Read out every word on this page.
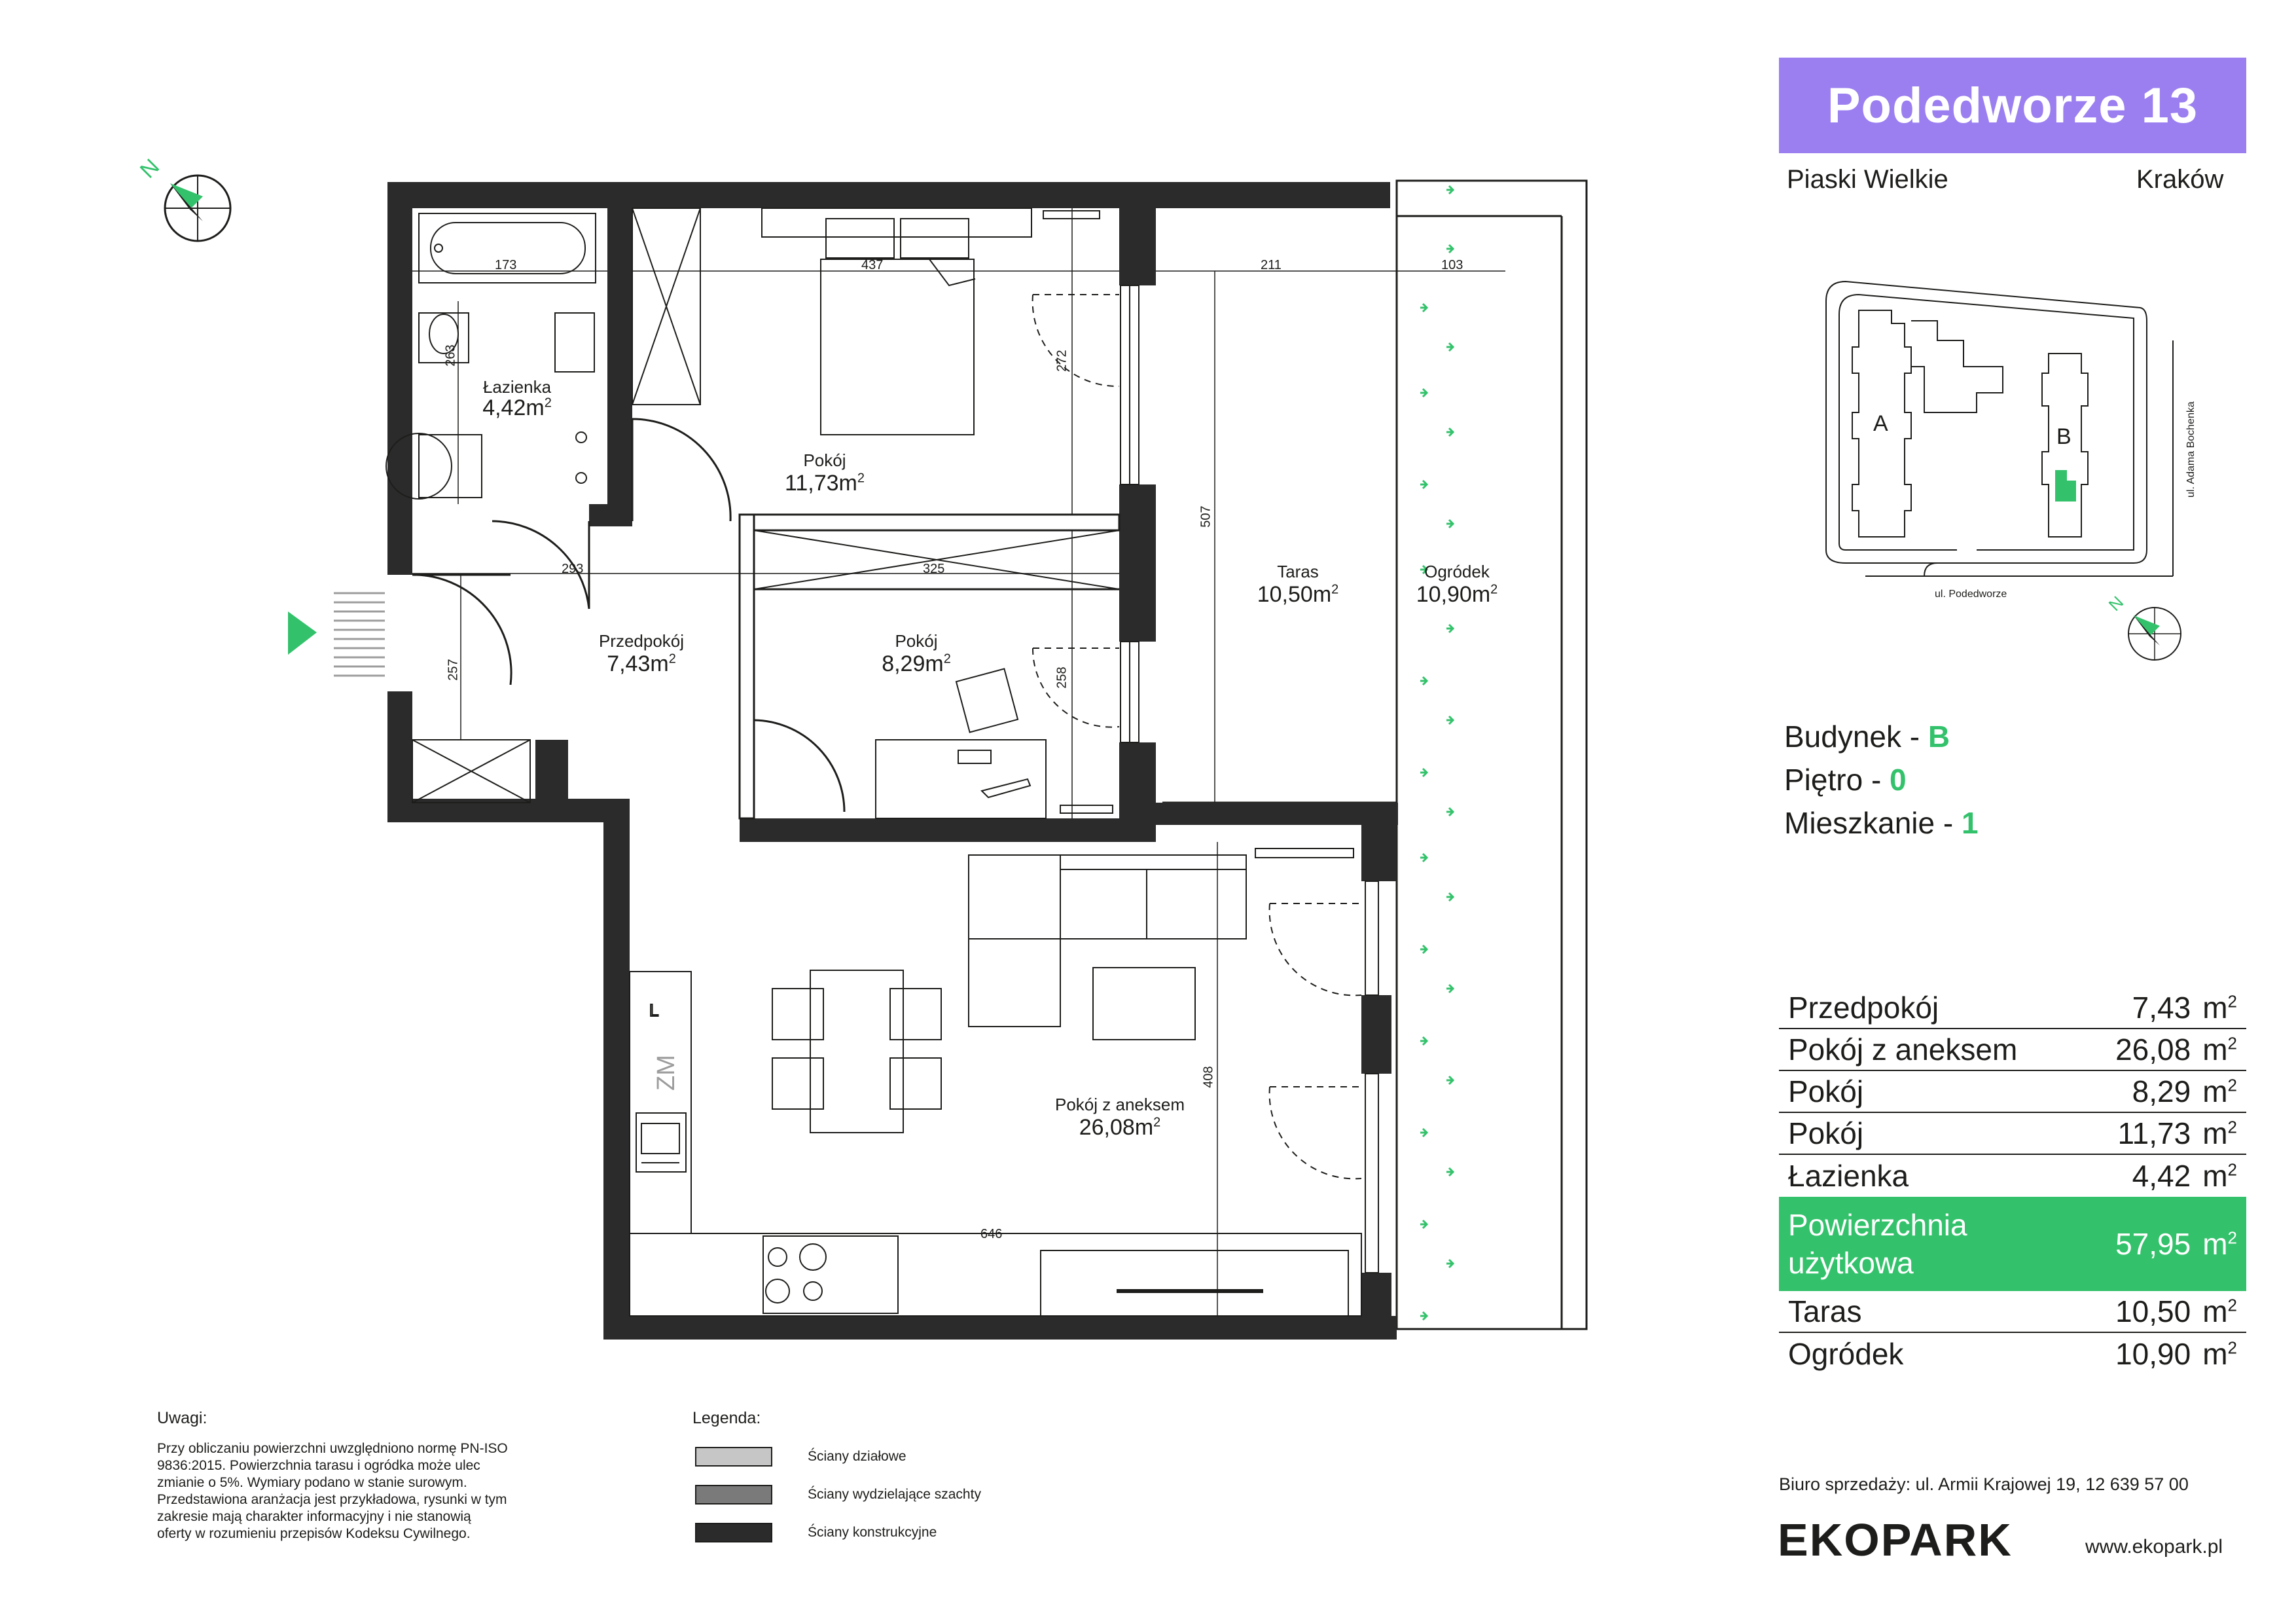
N
L
ZM
Łazienka
$4,42m^2$
Pokój
$11,73m^2$
Przedpokój
$7,43m^2$
Pokój
$8,29m^2$
Taras
$10,50m^2$
Ogródek
$10,90m^2$
Pokój z aneksem
$26,08m^2$
173
263
437
272
211	103
293	325
257	258
507
408
646
Podedworze 13
Piaski Wielkie	Kraków
A
B	ul. Adama Bochenka
ul. Podedworze	N
Budynek - B
Piętro - 0
Mieszkanie - 1
Przedpokój	7,43 $m^2$
Pokój z aneksem	26,08 $m^2$
Pokój	8,29 $m^2$
Pokój	11,73 $m^2$
Łazienka	4,42 $m^2$
Powierzchnia
użytkowa
57,95 $m^2$
Taras	10,50 $m^2$
Ogródek	10,90 $m^2$
Uwagi:
Przy obliczaniu powierzchni uwzględniono normę PN-ISO
9836:2015. Powierzchnia tarasu i ogródka może ulec
zmianie o 5%. Wymiary podano w stanie surowym.
Przedstawiona aranżacja jest przykładowa, rysunki w tym
zakresie mają charakter informacyjny i nie stanowią
oferty w rozumieniu przepisów Kodeksu Cywilnego.
Legenda:
Ściany działowe
Ściany wydzielające szachty
Ściany konstrukcyjne
Biuro sprzedaży: ul. Armii Krajowej 19, 12 639 57 00
EKOPARK	www.ekopark.pl
